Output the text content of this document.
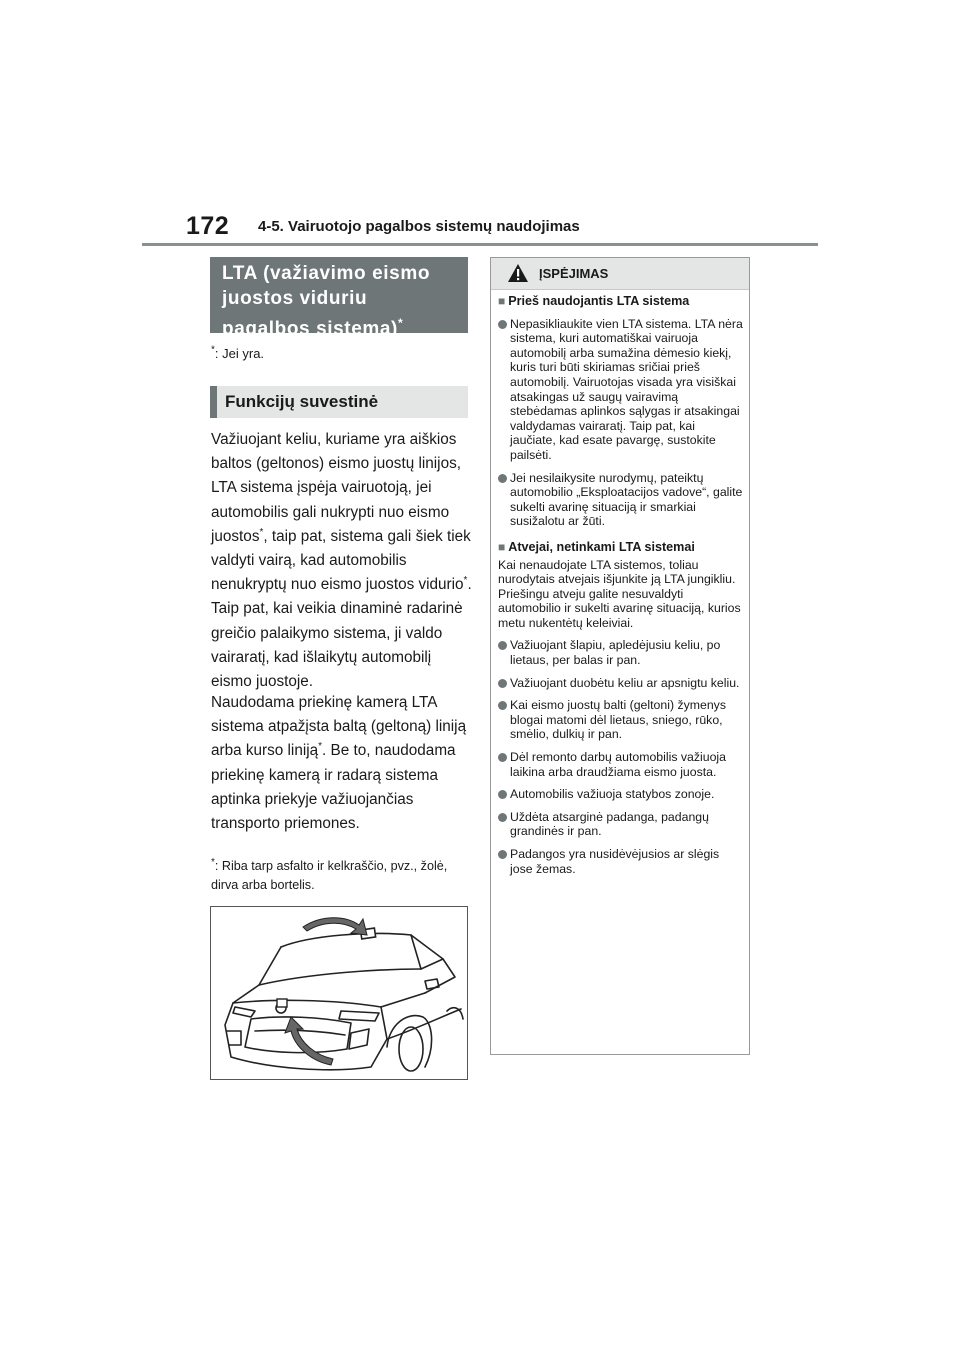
172 4-5. Vairuotojo pagalbos sistemų naudojimas
LTA (važiavimo eismo juostos viduriu pagalbos sistema)*
*: Jei yra.
Funkcijų suvestinė
Važiuojant keliu, kuriame yra aiškios baltos (geltonos) eismo juostų linijos, LTA sistema įspėja vairuotoją, jei automobilis gali nukrypti nuo eismo juostos*, taip pat, sistema gali šiek tiek valdyti vairą, kad automobilis nenukryptų nuo eismo juostos vidurio*. Taip pat, kai veikia dinaminė radarinė greičio palaikymo sistema, ji valdo vairaratį, kad išlaikytų automobilį eismo juostoje.
Naudodama priekinę kamerą LTA sistema atpažįsta baltą (geltoną) liniją arba kurso liniją*. Be to, naudodama priekinę kamerą ir radarą sistema aptinka priekyje važiuojančias transporto priemones.
*: Riba tarp asfalto ir kelkraščio, pvz., žolė, dirva arba bortelis.
ĮSPĖJIMAS
■ Prieš naudojantis LTA sistema
Nepasikliaukite vien LTA sistema. LTA nėra sistema, kuri automatiškai vairuoja automobilį arba sumažina dėmesio kiekį, kuris turi būti skiriamas sričiai prieš automobilį. Vairuotojas visada yra visiškai atsakingas už saugų vairavimą stebėdamas aplinkos sąlygas ir atsakingai valdydamas vairaratį. Taip pat, kai jaučiate, kad esate pavargę, sustokite pailsėti.
Jei nesilaikysite nurodymų, pateiktų automobilio „Eksploatacijos vadove“, galite sukelti avarinę situaciją ir smarkiai susižalotu ar žūti.
■ Atvejai, netinkami LTA sistemai
Kai nenaudojate LTA sistemos, toliau nurodytais atvejais išjunkite ją LTA jungikliu. Priešingu atveju galite nesuvaldyti automobilio ir sukelti avarinę situaciją, kurios metu nukentėtų keleiviai.
Važiuojant šlapiu, apledėjusiu keliu, po lietaus, per balas ir pan.
Važiuojant duobėtu keliu ar apsnigtu keliu.
Kai eismo juostų balti (geltoni) žymenys blogai matomi dėl lietaus, sniego, rūko, smėlio, dulkių ir pan.
Dėl remonto darbų automobilis važiuoja laikina arba draudžiama eismo juosta.
Automobilis važiuoja statybos zonoje.
Uždėta atsarginė padanga, padangų grandinės ir pan.
Padangos yra nusidėvėjusios ar slėgis jose žemas.
